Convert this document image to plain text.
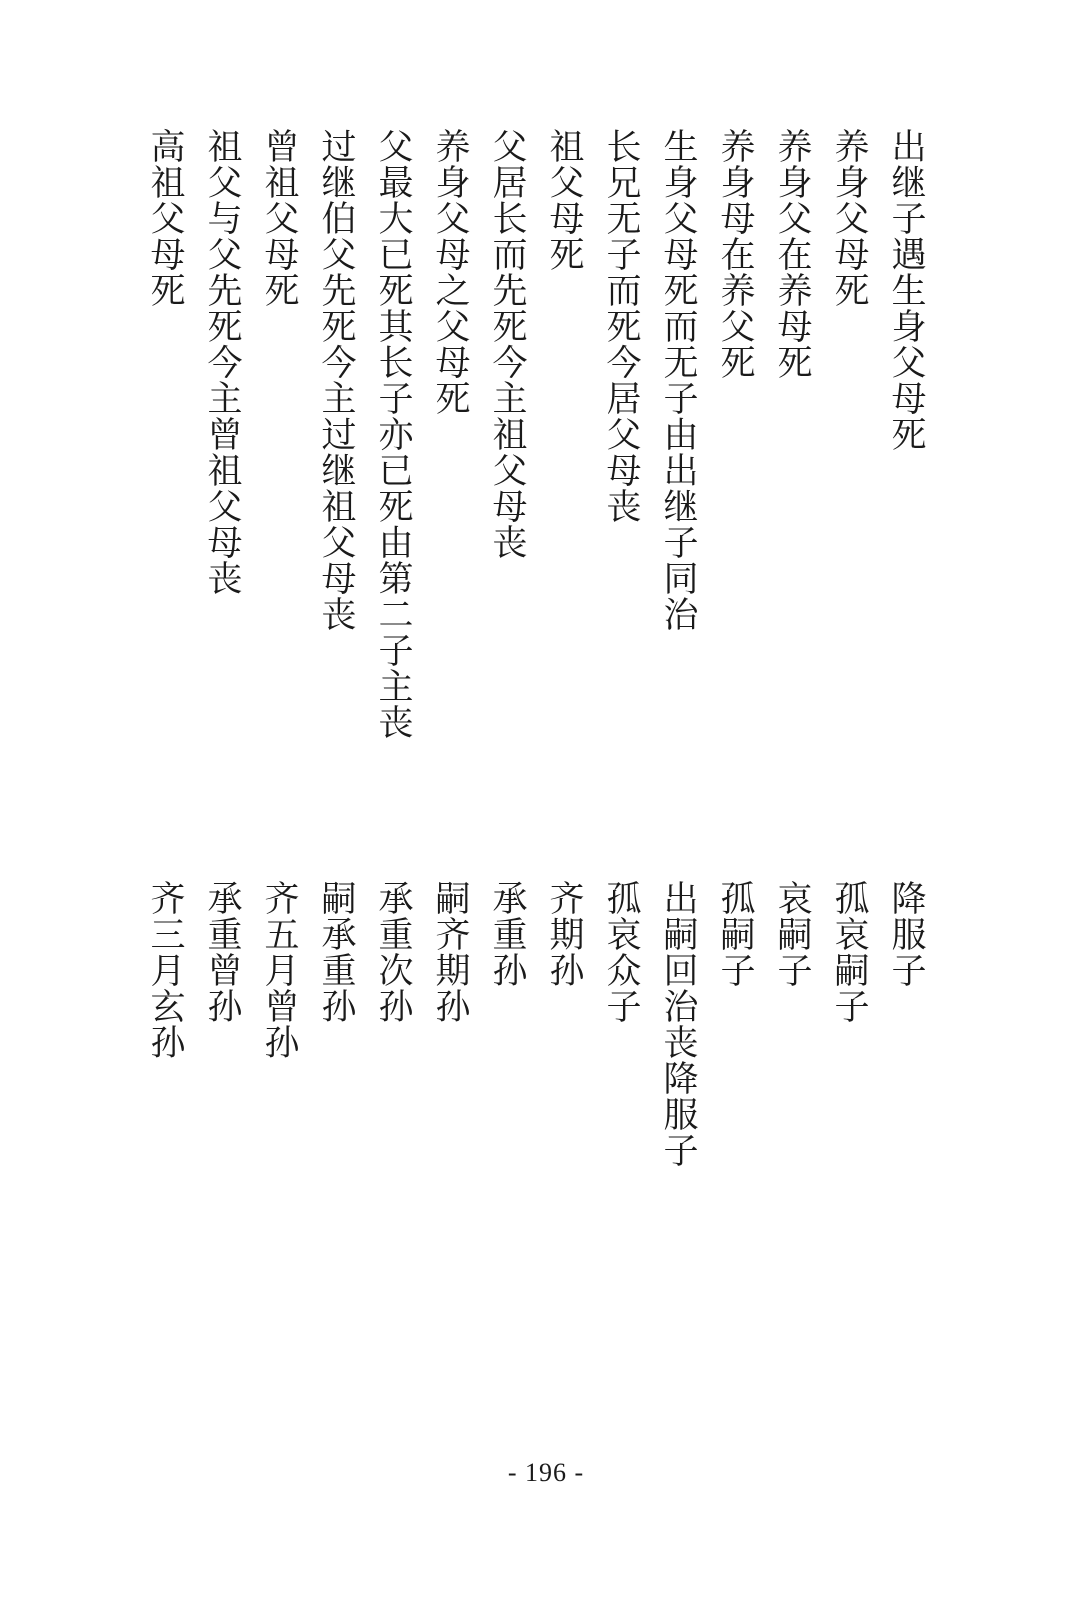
出继子遇生身父母死
养身父母死
养身父在养母死
养身母在养父死
生身父母死而无子由出继子同治
长兄无子而死今居父母丧
祖父母死
父居长而先死今主祖父母丧
养身父母之父母死
父最大已死其长子亦已死由第二子主丧
过继伯父先死今主过继祖父母丧
曾祖父母死
祖父与父先死今主曾祖父母丧
高祖父母死
降服子
孤哀嗣子
哀嗣子
孤嗣子
出嗣回治丧降服子
孤哀众子
齐期孙
承重孙
嗣齐期孙
承重次孙
嗣承重孙
齐五月曾孙
承重曾孙
齐三月玄孙
- 196 -
